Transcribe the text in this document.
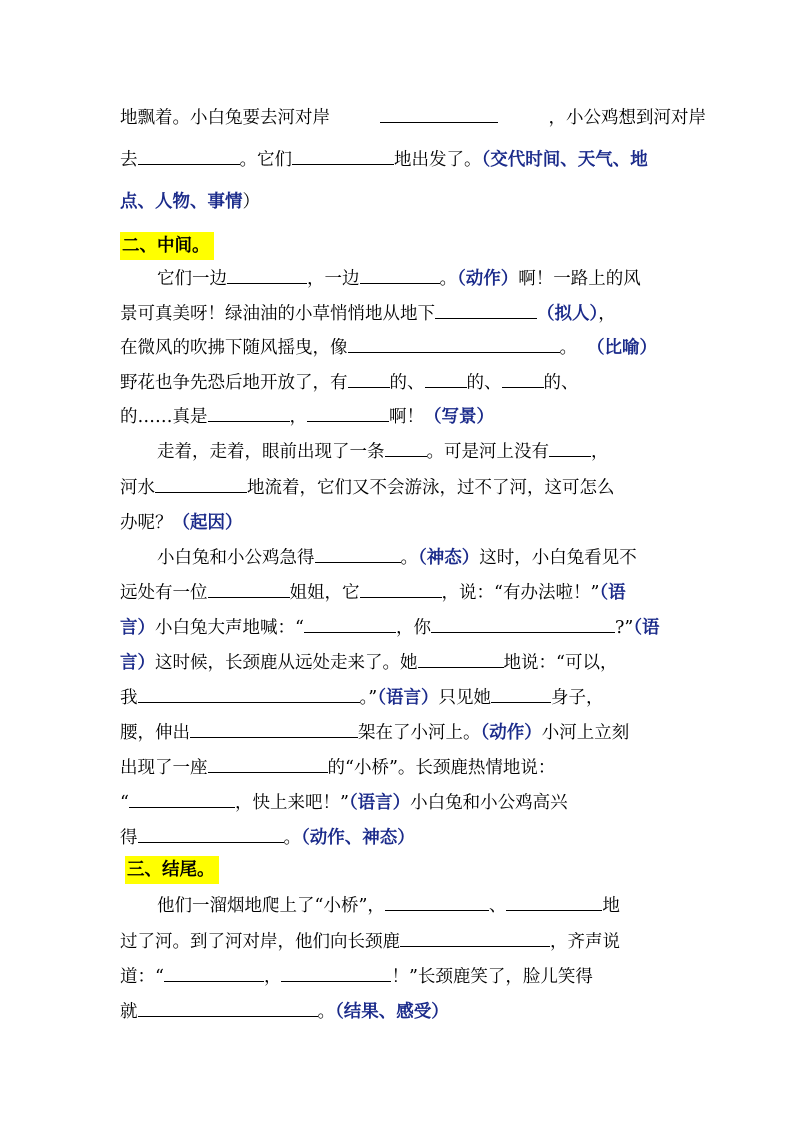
地飘着。小白兔要去河对岸	，小公鸡想到河对岸
去	。它们	地出发了。（交代时间、天气、地
点、人物、事情）
二、中间。
它们一边	，一边	。（动作）啊！一路上的风
景可真美呀！绿油油的小草悄悄地从地下	（拟人），
在微风的吹拂下随风摇曳，像	。 （比喻）
野花也争先恐后地开放了，有 的、 的、 的、
的……真是	，	啊！（写景）
走着，走着，眼前出现了一条 。可是河上没有 ，
河水	地流着，它们又不会游泳，过不了河，这可怎么
办呢？（起因）
小白兔和小公鸡急得	。（神态）这时，小白兔看见不
远处有一位	姐姐，它	，说：“有办法啦！”（语
言）小白兔大声地喊：“	，你	?”（语
言）这时候，长颈鹿从远处走来了。她	地说：“可以，
我	。”（语言）只见她	身子，
腰，伸出	架在了小河上。（动作）小河上立刻
出现了一座	的“小桥”。长颈鹿热情地说：
“	，快上来吧！”（语言）小白兔和小公鸡高兴
得	。（动作、神态）
三、结尾。
他们一溜烟地爬上了“小桥”，	、	地
过了河。到了河对岸，他们向长颈鹿	，齐声说
道：“	，	！”长颈鹿笑了，脸儿笑得
就	。（结果、感受）
